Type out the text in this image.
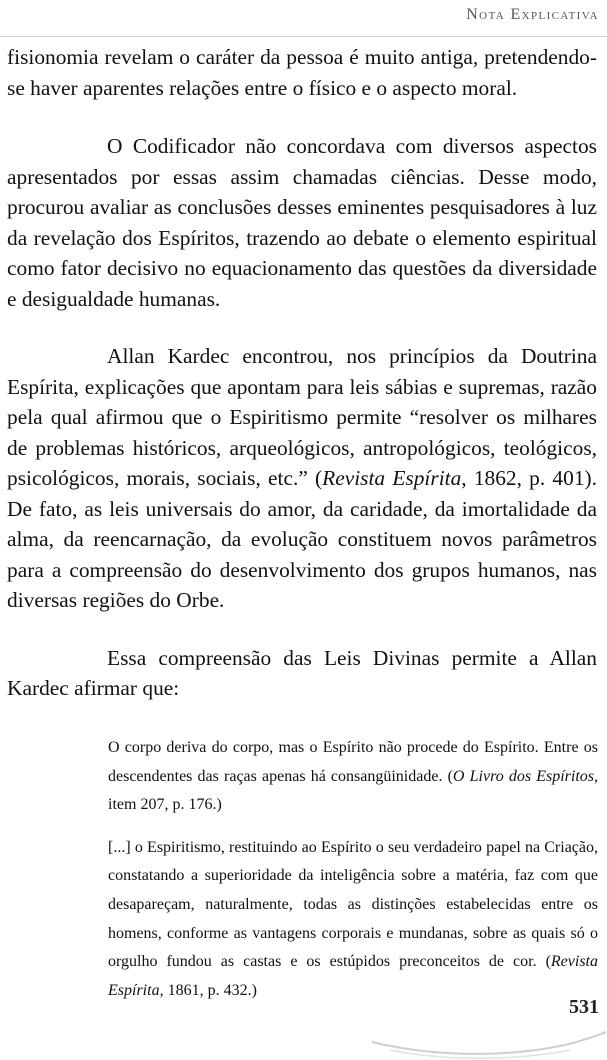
Nota Explicativa

fisionomia revelam o caráter da pessoa é muito antiga, pretendendo-se haver aparentes relações entre o físico e o aspecto moral.

O Codificador não concordava com diversos aspectos apresentados por essas assim chamadas ciências. Desse modo, procurou avaliar as conclusões desses eminentes pesquisadores à luz da revelação dos Espíritos, trazendo ao debate o elemento espiritual como fator decisivo no equacionamento das questões da diversidade e desigualdade humanas.

Allan Kardec encontrou, nos princípios da Doutrina Espírita, explicações que apontam para leis sábias e supremas, razão pela qual afirmou que o Espiritismo permite “resolver os milhares de problemas históricos, arqueológicos, antropológicos, teológicos, psicológicos, morais, sociais, etc.” (Revista Espírita, 1862, p. 401). De fato, as leis universais do amor, da caridade, da imortalidade da alma, da reencarnação, da evolução constituem novos parâmetros para a compreensão do desenvolvimento dos grupos humanos, nas diversas regiões do Orbe.

Essa compreensão das Leis Divinas permite a Allan Kardec afirmar que:

O corpo deriva do corpo, mas o Espírito não procede do Espírito. Entre os descendentes das raças apenas há consangüinidade. (O Livro dos Espíritos, item 207, p. 176.)

[...] o Espiritismo, restituindo ao Espírito o seu verdadeiro papel na Criação, constatando a superioridade da inteligência sobre a matéria, faz com que desapareçam, naturalmente, todas as distinções estabelecidas entre os homens, conforme as vantagens corporais e mundanas, sobre as quais só o orgulho fundou as castas e os estúpidos preconceitos de cor. (Revista Espírita, 1861, p. 432.)

531
